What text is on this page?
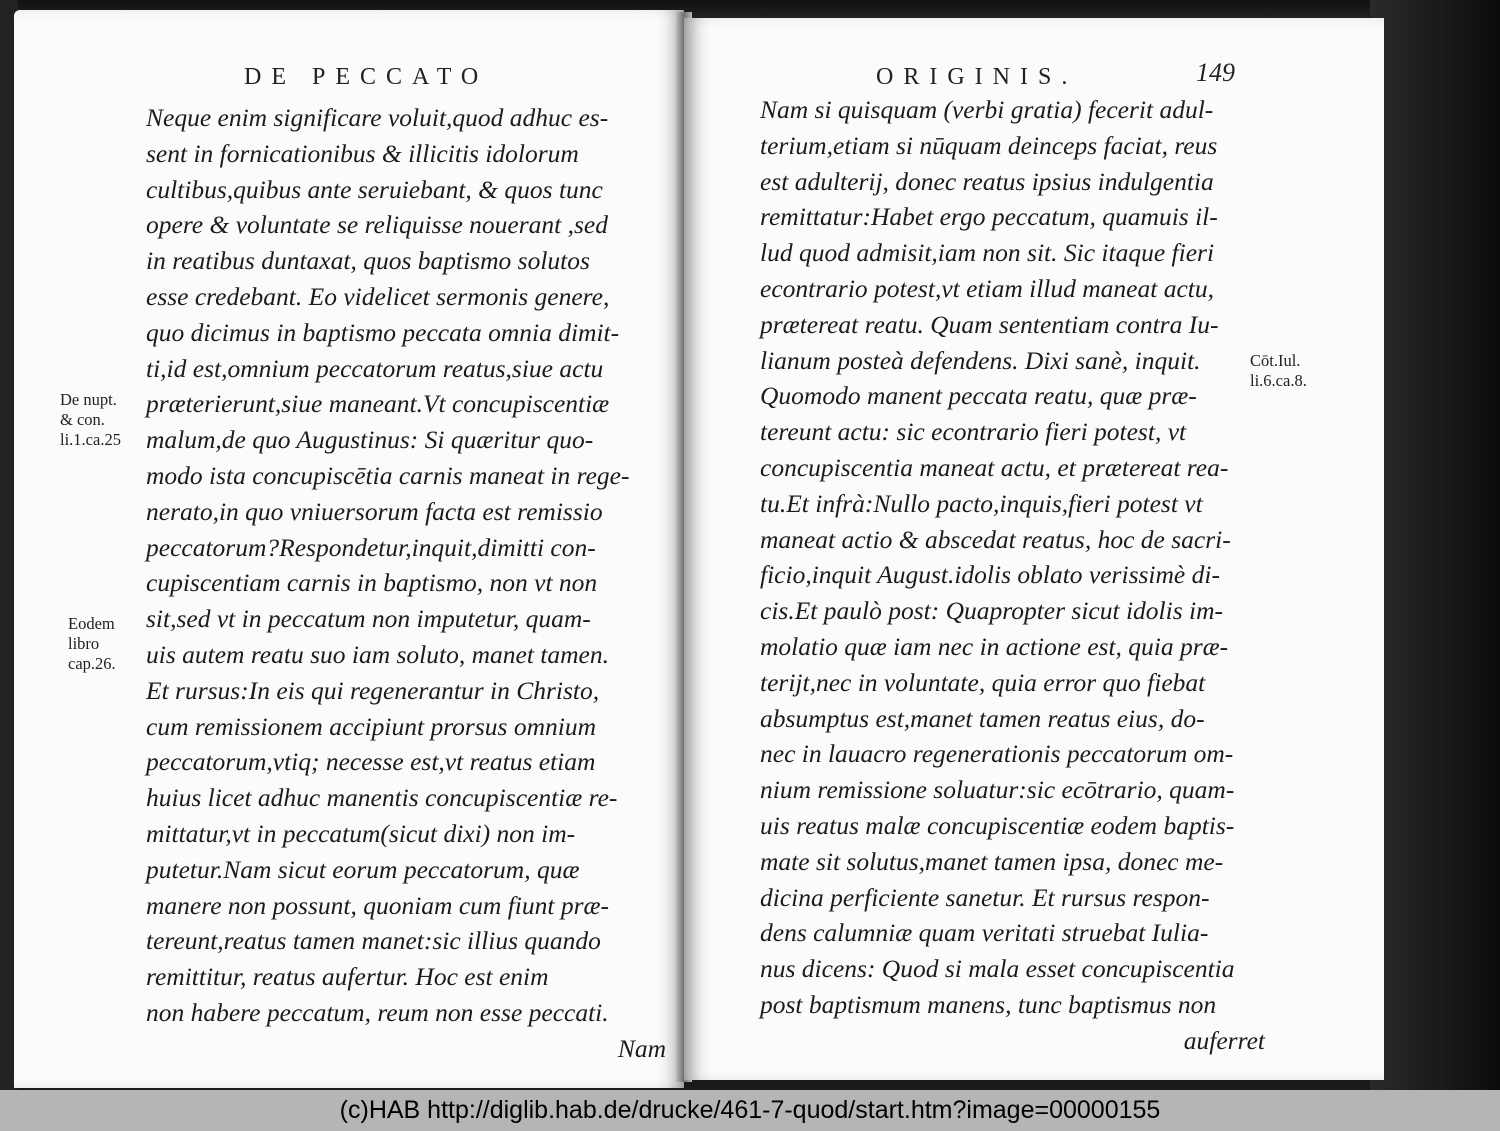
DE PECCATO
Neque enim significare voluit,quod adhuc es-
sent in fornicationibus & illicitis idolorum
cultibus,quibus ante seruiebant, & quos tunc
opere & voluntate se reliquisse nouerant ,sed
in reatibus duntaxat, quos baptismo solutos
esse credebant. Eo videlicet sermonis genere,
quo dicimus in baptismo peccata omnia dimit-
ti,id est,omnium peccatorum reatus,siue actu
præterierunt,siue maneant.Vt concupiscentiæ
malum,de quo Augustinus: Si quæritur quo-
modo ista concupiscētia carnis maneat in rege-
nerato,in quo vniuersorum facta est remissio
peccatorum?Respondetur,inquit,dimitti con-
cupiscentiam carnis in baptismo, non vt non
sit,sed vt in peccatum non imputetur, quam-
uis autem reatu suo iam soluto, manet tamen.
Et rursus:In eis qui regenerantur in Christo,
cum remissionem accipiunt prorsus omnium
peccatorum,vtiq; necesse est,vt reatus etiam
huius licet adhuc manentis concupiscentiæ re-
mittatur,vt in peccatum(sicut dixi) non im-
putetur.Nam sicut eorum peccatorum, quæ
manere non possunt, quoniam cum fiunt præ-
tereunt,reatus tamen manet:sic illius quando
remittitur, reatus aufertur. Hoc est enim
non habere peccatum, reum non esse peccati.
Nam
De nupt.
& con.
li.1.ca.25
Eodem
libro
cap.26.
ORIGINIS.	149
Nam si quisquam (verbi gratia) fecerit adul-
terium,etiam si nūquam deinceps faciat, reus
est adulterij, donec reatus ipsius indulgentia
remittatur:Habet ergo peccatum, quamuis il-
lud quod admisit,iam non sit. Sic itaque fieri
econtrario potest,vt etiam illud maneat actu,
prætereat reatu. Quam sententiam contra Iu-
lianum posteà defendens. Dixi sanè, inquit.
Quomodo manent peccata reatu, quæ præ-
tereunt actu: sic econtrario fieri potest, vt
concupiscentia maneat actu, et prætereat rea-
tu.Et infrà:Nullo pacto,inquis,fieri potest vt
maneat actio & abscedat reatus, hoc de sacri-
ficio,inquit August.idolis oblato verissimè di-
cis.Et paulò post: Quapropter sicut idolis im-
molatio quæ iam nec in actione est, quia præ-
terijt,nec in voluntate, quia error quo fiebat
absumptus est,manet tamen reatus eius, do-
nec in lauacro regenerationis peccatorum om-
nium remissione soluatur:sic ecōtrario, quam-
uis reatus malæ concupiscentiæ eodem baptis-
mate sit solutus,manet tamen ipsa, donec me-
dicina perficiente sanetur. Et rursus respon-
dens calumniæ quam veritati struebat Iulia-
nus dicens: Quod si mala esset concupiscentia
post baptismum manens, tunc baptismus non
auferret
Cōt.Iul.
li.6.ca.8.
(c)HAB http://diglib.hab.de/drucke/461-7-quod/start.htm?image=00000155
